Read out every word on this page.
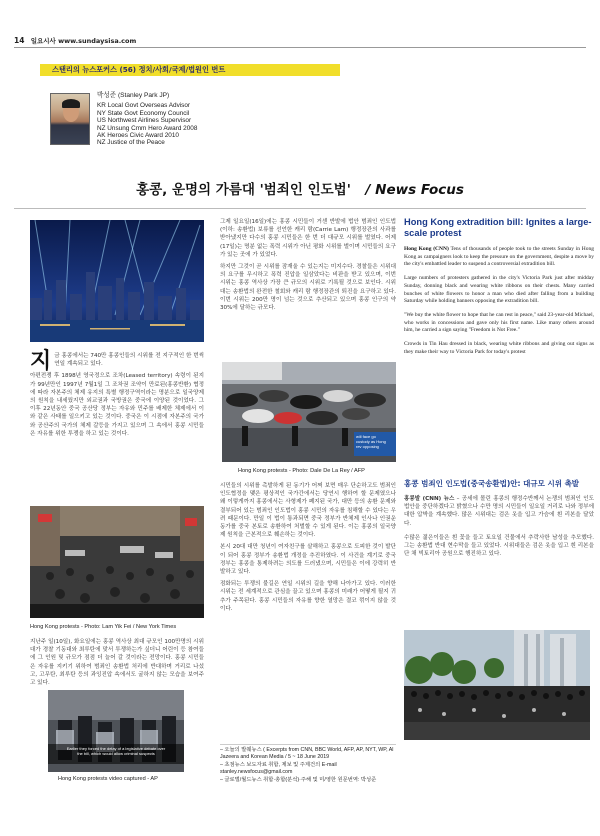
14 일요시사 www.sundaysisa.com
스탠리의 뉴스포커스 (56) 정치/사회/국제/법원인 번트
박성준 (Stanley Park JP)
KR Local Govt Overseas Advisor
NY State Govt Economy Council
US Northwest Airlines Supervisor
NZ Unsung Cmm Hero Award 2008
AK Heroes Civic Award 2010
NZ Justice of the Peace
홍콩, 운명의 가름대 '범죄인 인도법' / News Focus

지금 홍콩에서는 740만 홍콩인들의 시위를 전 지구적인 한 번씩 연일 계속되고 있다.

아편전쟁 후 1898년 영국정으로 조차(Leased territory) 속령이 된지가 99년만인 1997년 7월1일 그 조차권 조약이 만료된(홍콩반환) 협정에 따라 자본주의 체제 유지의 특별 행정구역이라는 명분으로 일국양제의 원칙을 내세웠지만 외교권과 국방권은 중국에 이양된 것이었다. 그 이후 22년동안 중국 공산당 정부는 자유와 민주를 배제한 체제에서 이와 같은 사태를 일으키고 있는 것이다. 중국은 이 시점에 자본주의 국가와 공산주의 국가의 체제 갈등을 가지고 있으며 그 속에서 홍콩 시민들은 자유를 위한 투쟁을 하고 있는 것이다.

Hong Kong protests - Photo: Lam Yik Fei / New York Times

지난주 일(10일), 화요일에는 홍콩 역사상 최대 규모인 100만명의 시위대가 경찰 기동대와 최루탄에 맞서 투쟁하는가 싶더니 어린이 등 참여들에 그 인원 및 규모가 점점 더 늘어 갈 것이라는 전망이다. 홍콩 시민들은 자유를 지키기 위하여 범죄인 송환법 처리에 반대하며 거리로 나섰고, 고무탄, 최루탄 등의 과잉진압 속에서도 굴하지 않는 모습을 보여주고 있다.

Earlier they forced the delay of a legislative debate over the bill, which would allow criminal suspects
Hong Kong protests video captured - AP

그제 일요일(16일)에는 홍콩 시민들이 거센 반발에 법안 범죄인 인도법(이하: 송환법) 보류를 선언한 캐리 람(Carrie Lam) 행정장관의 사과를 받아냈지만 다수의 홍콩 시민들은 한 번 더 대규모 시위를 벌였다. 어제(17일)는 명분 없는 폭력 시위가 아닌 평화 시위를 벌이며 시민들의 요구가 있는 곳에 가 있었다.

하지만 그것이 곧 시위를 잠재울 수 있는지는 미지수다. 경찰들은 시위대의 요구를 무시하고 폭력 진압을 일삼았다는 비판을 받고 있으며, 이번 시위는 홍콩 역사상 가장 큰 규모의 시위로 기록될 것으로 보인다. 시위대는 송환법의 완전한 철회와 캐리 람 행정장관의 퇴진을 요구하고 있다. 이번 시위는 200만 명이 넘는 것으로 추산되고 있으며 홍콩 인구의 약 30%에 달하는 규모다.

will face go
custody as Hong
rev opposing
Hong Kong protests - Photo: Dale De La Rey / AFP

시민들의 시위를 촉발하게 된 동기가 어쩌 보면 매우 단순하고도 범죄인 인도협정을 맺은 평상적인 국가간에서는 당연시 행하여 할 문제였으나 왜 이렇게까지 홍콩에서는 사형제가 폐지된 국가, 대만 등의 송환 문제와 결부되어 있는 범죄인 인도법이 홍콩 시민의 자유를 침해할 수 있다는 우려 때문이다. 만일 이 법이 통과되면 중국 정부가 반체제 인사나 인권운동가를 중국 본토로 송환하여 처벌할 수 있게 된다. 이는 홍콩의 일국양제 원칙을 근본적으로 훼손하는 것이다.

본시 20대 대만 청년이 여자친구를 살해하고 홍콩으로 도피한 것이 발단이 되어 홍콩 정부가 송환법 개정을 추진하였다. 이 사건을 계기로 중국 정부는 홍콩을 통제하려는 의도를 드러냈으며, 시민들은 이에 강력히 반발하고 있다.

점화되는 투쟁의 불길은 연일 시위의 길을 향해 나아가고 있다. 이러한 시위는 전 세계적으로 관심을 끌고 있으며 홍콩의 미래가 어떻게 될지 귀추가 주목된다. 홍콩 시민들의 자유를 향한 열망은 결코 꺾이지 않을 것이다.

– 오늘의 발췌뉴스 ( Excerpts from CNN, BBC World, AFP, AP, NYT, WP, Al Jazeera and Korean Media / 5 ~ 18 June 2019
– 초점뉴스 보도자료 취합, 제보 및 주제건의 E-mail
stanley.newsfocus@gmail.com
– 글로벌/월드뉴스 취합·총합(분석)·주해 및 미/영한 원문번역: 박성준
Hong Kong extradition bill: Ignites a large-scale protest

Hong Kong (CNN) Tens of thousands of people took to the streets Sunday in Hong Kong as campaigners look to keep the pressure on the government, despite a move by the city's embattled leader to suspend a controversial extradition bill.

Large numbers of protesters gathered in the city's Victoria Park just after midday Sunday, donning black and wearing white ribbons on their chests. Many carried bunches of white flowers to honor a man who died after falling from a building Saturday while holding banners opposing the extradition bill.

"We buy the white flower to hope that he can rest in peace," said 23-year-old Michael, who works in concessions and gave only his first name. Like many others around him, he carried a sign saying "Freedom is Not Free."

Crowds in Tin Hau dressed in black, wearing white ribbons and giving out signs as they make their way to Victoria Park for today's protest

홍콩 범죄인 인도법(중국송환법)안: 대규모 시위 촉발

홍콩발 (CNN) 뉴스 – 공세에 몰린 홍콩의 행정수반께서 논쟁의 범죄인 인도 법안을 중단하겠다고 밝혔으나 수만 명의 시민들이 일요일 거리로 나와 정부에 대한 압박을 계속했다. 많은 시위대는 검은 옷을 입고 가슴에 흰 리본을 달았다.

수많은 젊은이들은 흰 꽃을 들고 토요일 건물에서 추락사한 남성을 추모했다. 그는 송환법 반대 현수막을 들고 있었다. 시위대들은 검은 옷을 입고 흰 리본을 단 채 빅토리아 공원으로 행진하고 있다.
